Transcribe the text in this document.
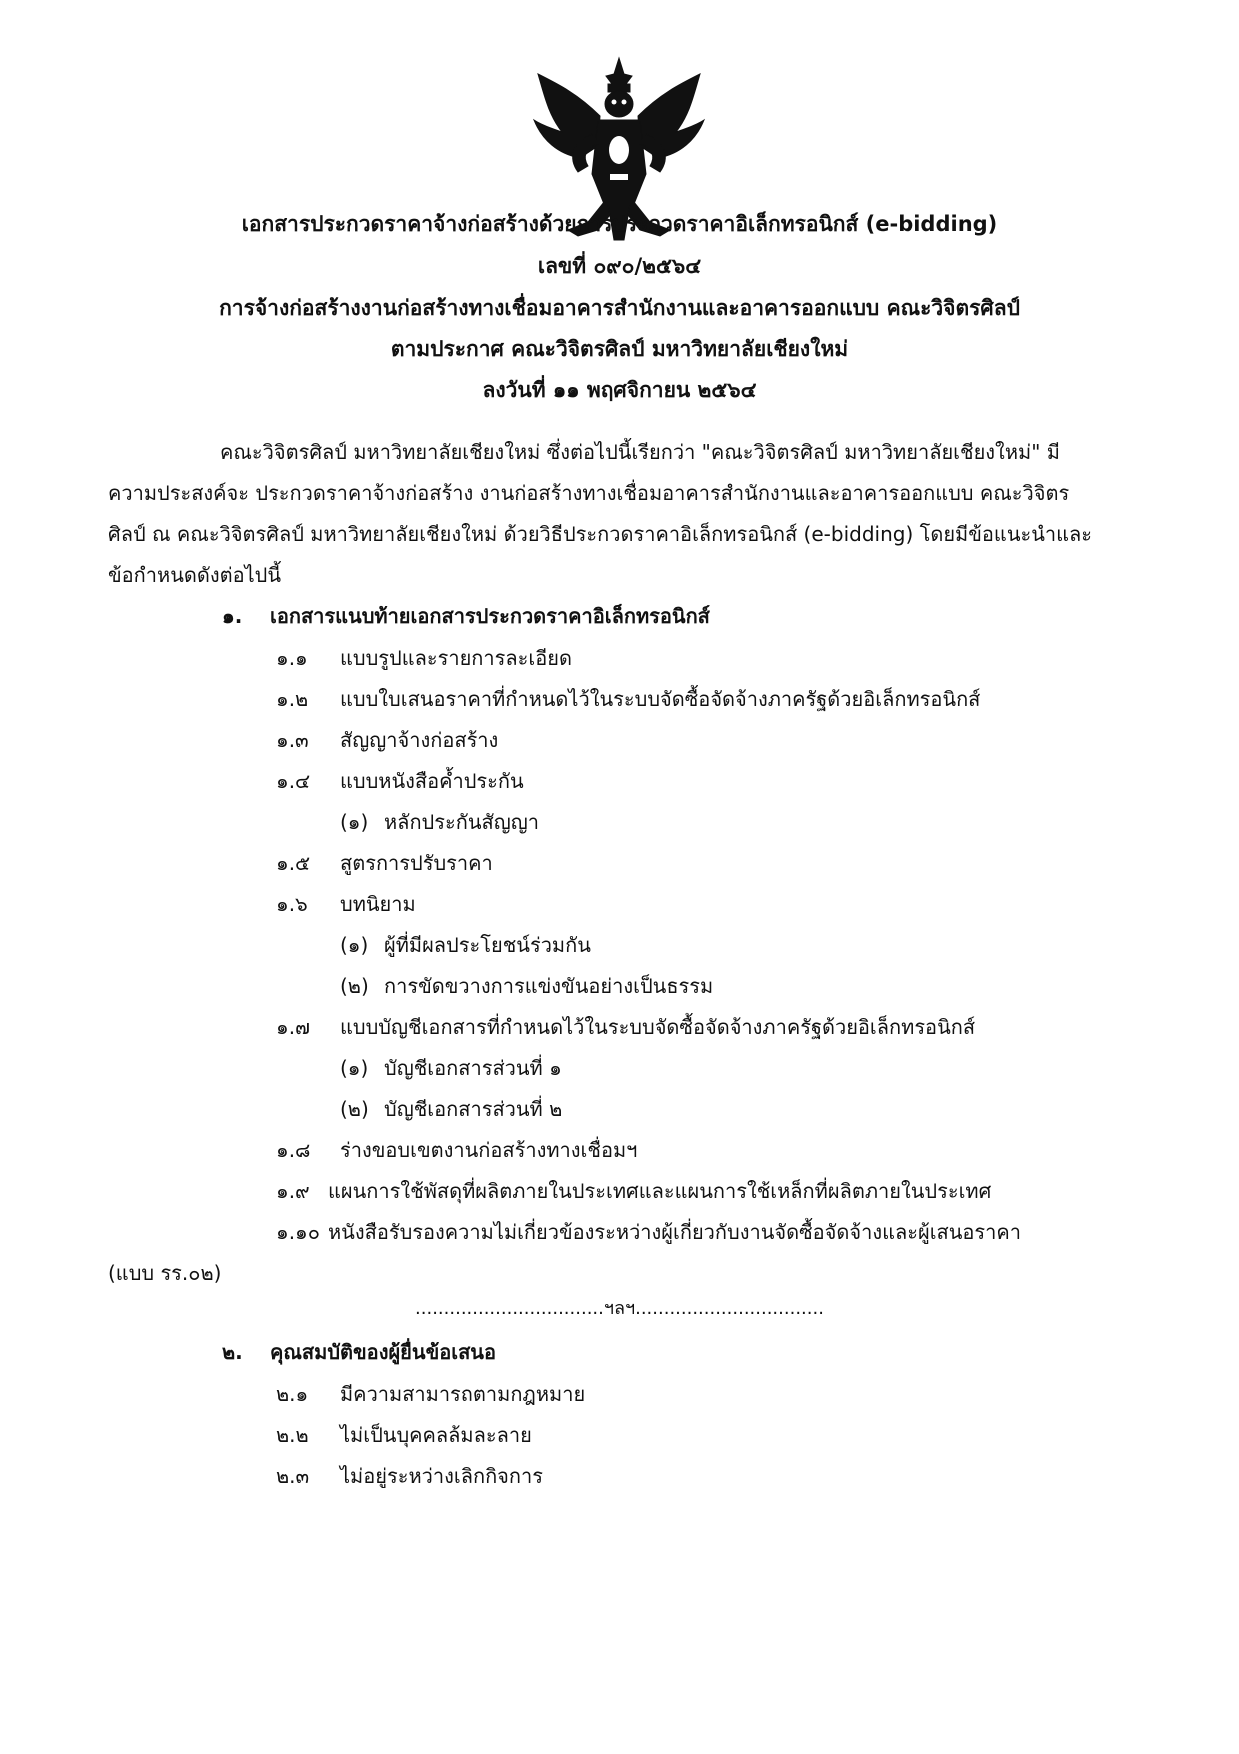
เอกสารประกวดราคาจ้างก่อสร้างด้วยการประกวดราคาอิเล็กทรอนิกส์ (e-bidding)
เลขที่ ๐๙๐/๒๕๖๔
การจ้างก่อสร้างงานก่อสร้างทางเชื่อมอาคารสำนักงานและอาคารออกแบบ คณะวิจิตรศิลป์
ตามประกาศ คณะวิจิตรศิลป์ มหาวิทยาลัยเชียงใหม่
ลงวันที่ ๑๑ พฤศจิกายน ๒๕๖๔
คณะวิจิตรศิลป์ มหาวิทยาลัยเชียงใหม่ ซึ่งต่อไปนี้เรียกว่า "คณะวิจิตรศิลป์ มหาวิทยาลัยเชียงใหม่" มี
ความประสงค์จะ ประกวดราคาจ้างก่อสร้าง งานก่อสร้างทางเชื่อมอาคารสำนักงานและอาคารออกแบบ คณะวิจิตร
ศิลป์ ณ คณะวิจิตรศิลป์ มหาวิทยาลัยเชียงใหม่ ด้วยวิธีประกวดราคาอิเล็กทรอนิกส์ (e-bidding) โดยมีข้อแนะนำและ
ข้อกำหนดดังต่อไปนี้
๑. เอกสารแนบท้ายเอกสารประกวดราคาอิเล็กทรอนิกส์
๑.๑ แบบรูปและรายการละเอียด
๑.๒ แบบใบเสนอราคาที่กำหนดไว้ในระบบจัดซื้อจัดจ้างภาครัฐด้วยอิเล็กทรอนิกส์
๑.๓ สัญญาจ้างก่อสร้าง
๑.๔ แบบหนังสือค้ำประกัน
(๑) หลักประกันสัญญา
๑.๕ สูตรการปรับราคา
๑.๖ บทนิยาม
(๑) ผู้ที่มีผลประโยชน์ร่วมกัน
(๒) การขัดขวางการแข่งขันอย่างเป็นธรรม
๑.๗ แบบบัญชีเอกสารที่กำหนดไว้ในระบบจัดซื้อจัดจ้างภาครัฐด้วยอิเล็กทรอนิกส์
(๑) บัญชีเอกสารส่วนที่ ๑
(๒) บัญชีเอกสารส่วนที่ ๒
๑.๘ ร่างขอบเขตงานก่อสร้างทางเชื่อมฯ
๑.๙ แผนการใช้พัสดุที่ผลิตภายในประเทศและแผนการใช้เหล็กที่ผลิตภายในประเทศ
๑.๑๐ หนังสือรับรองความไม่เกี่ยวข้องระหว่างผู้เกี่ยวกับงานจัดซื้อจัดจ้างและผู้เสนอราคา
(แบบ รร.๐๒)
.................................ฯลฯ.................................
๒. คุณสมบัติของผู้ยื่นข้อเสนอ
๒.๑ มีความสามารถตามกฎหมาย
๒.๒ ไม่เป็นบุคคลล้มละลาย
๒.๓ ไม่อยู่ระหว่างเลิกกิจการ
